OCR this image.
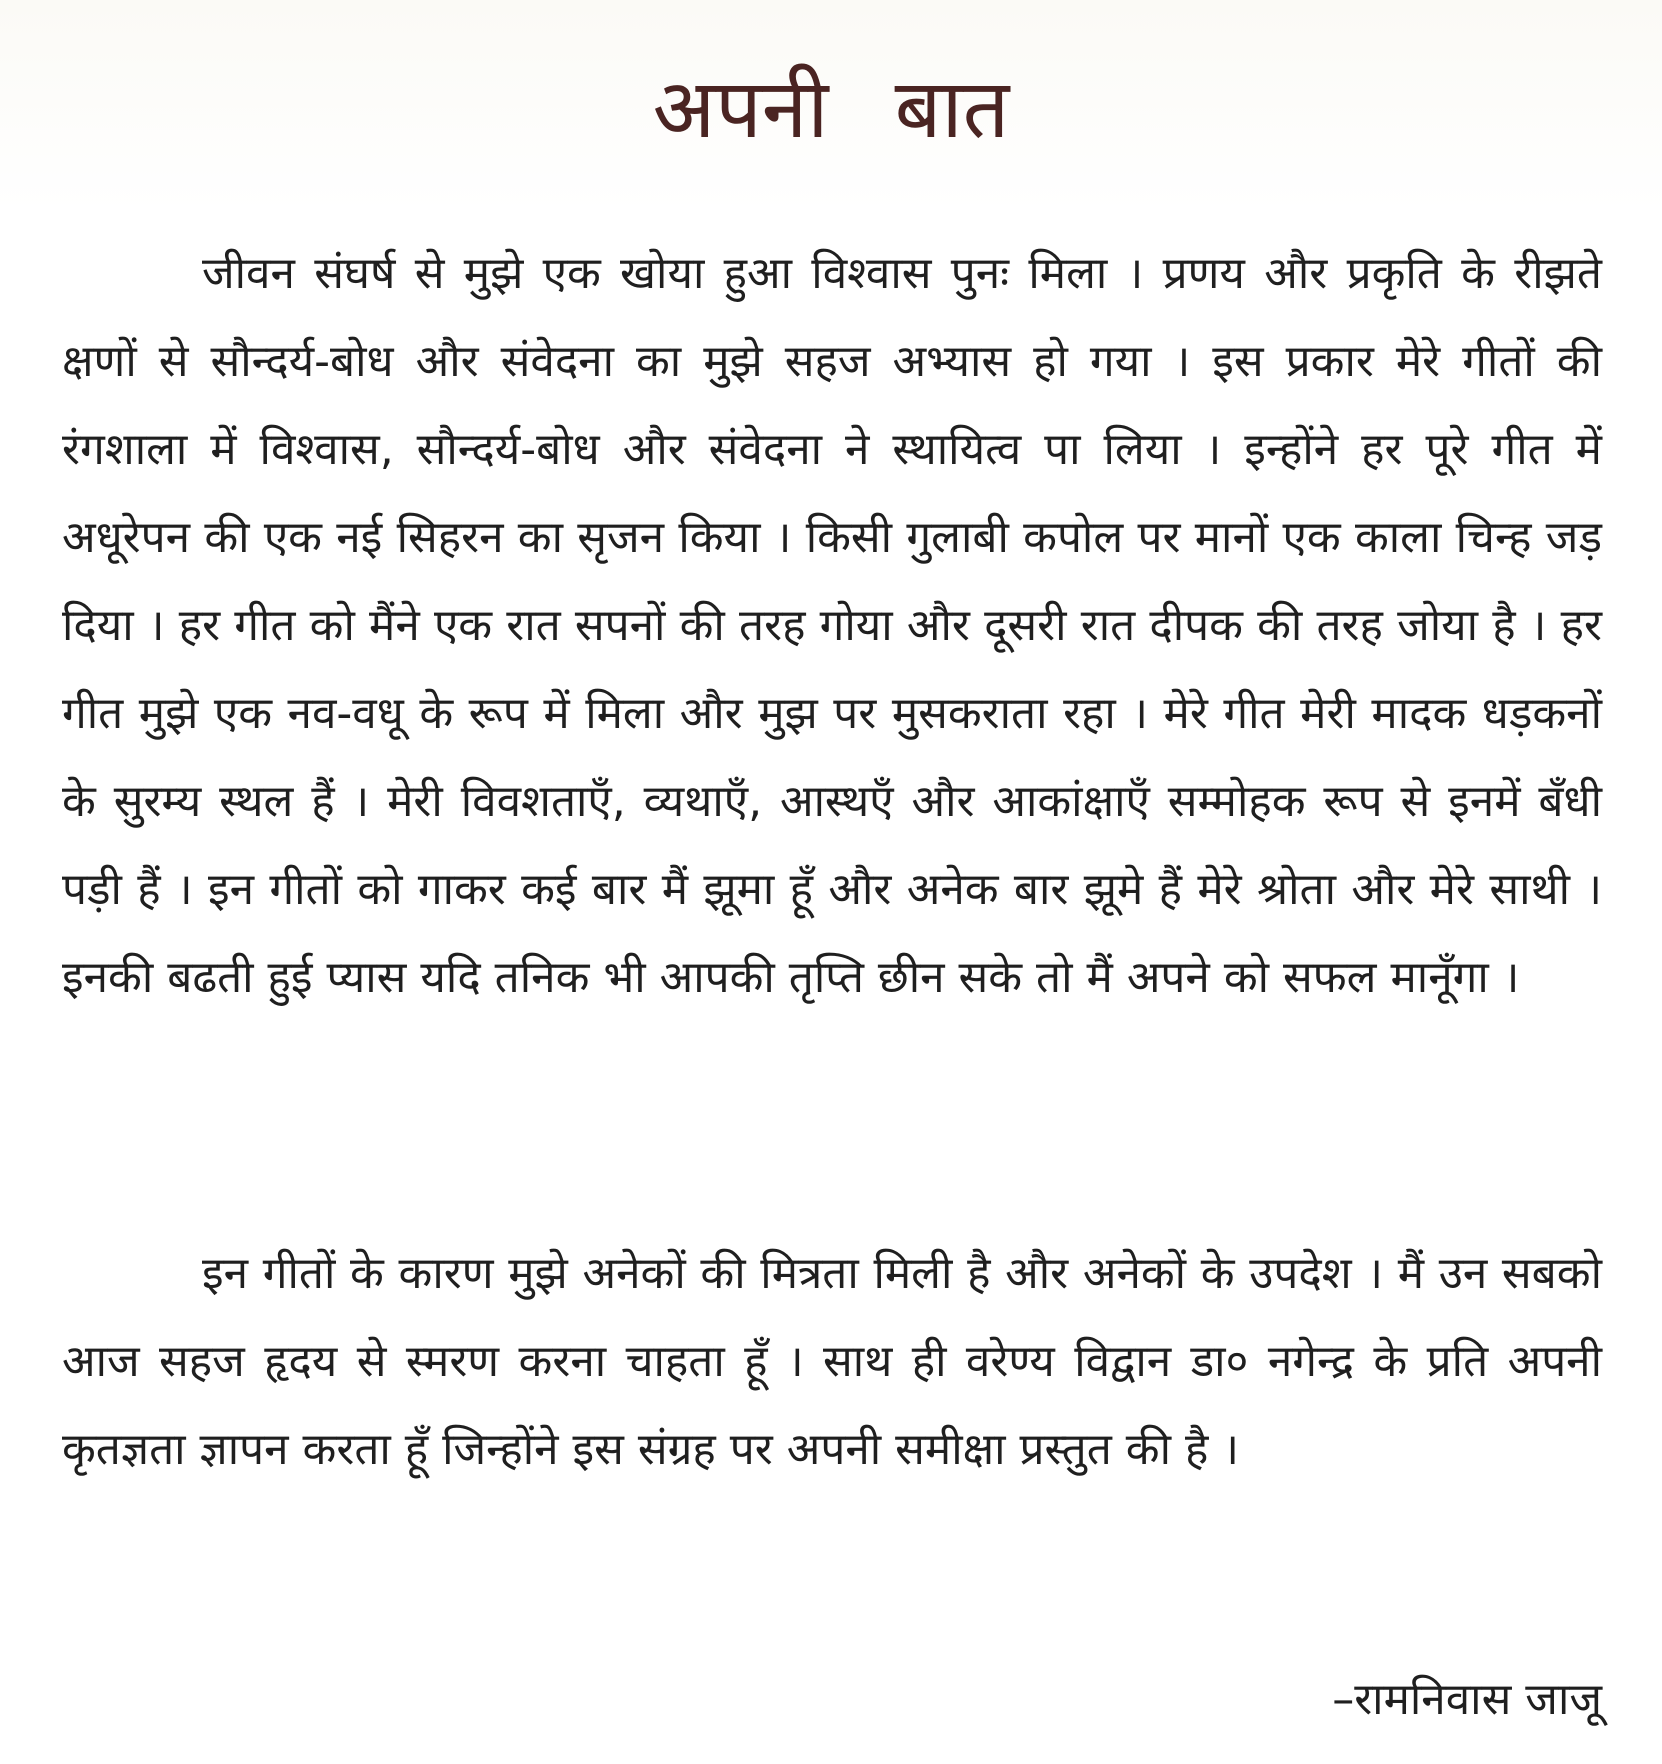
अपनी बात
जीवन संघर्ष से मुझे एक खोया हुआ विश्वास पुनः मिला । प्रणय और प्रकृति के रीझते क्षणों से सौन्दर्य-बोध और संवेदना का मुझे सहज अभ्यास हो गया । इस प्रकार मेरे गीतों की रंगशाला में विश्वास, सौन्दर्य-बोध और संवेदना ने स्थायित्व पा लिया । इन्होंने हर पूरे गीत में अधूरेपन की एक नई सिहरन का सृजन किया । किसी गुलाबी कपोल पर मानों एक काला चिन्ह जड़ दिया । हर गीत को मैंने एक रात सपनों की तरह गोया और दूसरी रात दीपक की तरह जोया है । हर गीत मुझे एक नव-वधू के रूप में मिला और मुझ पर मुसकराता रहा । मेरे गीत मेरी मादक धड़कनों के सुरम्य स्थल हैं । मेरी विवशताएँ, व्यथाएँ, आस्थएँ और आकांक्षाएँ सम्मोहक रूप से इनमें बँधी पड़ी हैं । इन गीतों को गाकर कई बार मैं झूमा हूँ और अनेक बार झूमे हैं मेरे श्रोता और मेरे साथी । इनकी बढती हुई प्यास यदि तनिक भी आपकी तृप्ति छीन सके तो मैं अपने को सफल मानूँगा ।
इन गीतों के कारण मुझे अनेकों की मित्रता मिली है और अनेकों के उपदेश । मैं उन सबको आज सहज हृदय से स्मरण करना चाहता हूँ । साथ ही वरेण्य विद्वान डा० नगेन्द्र के प्रति अपनी कृतज्ञता ज्ञापन करता हूँ जिन्होंने इस संग्रह पर अपनी समीक्षा प्रस्तुत की है ।
–रामनिवास जाजू
